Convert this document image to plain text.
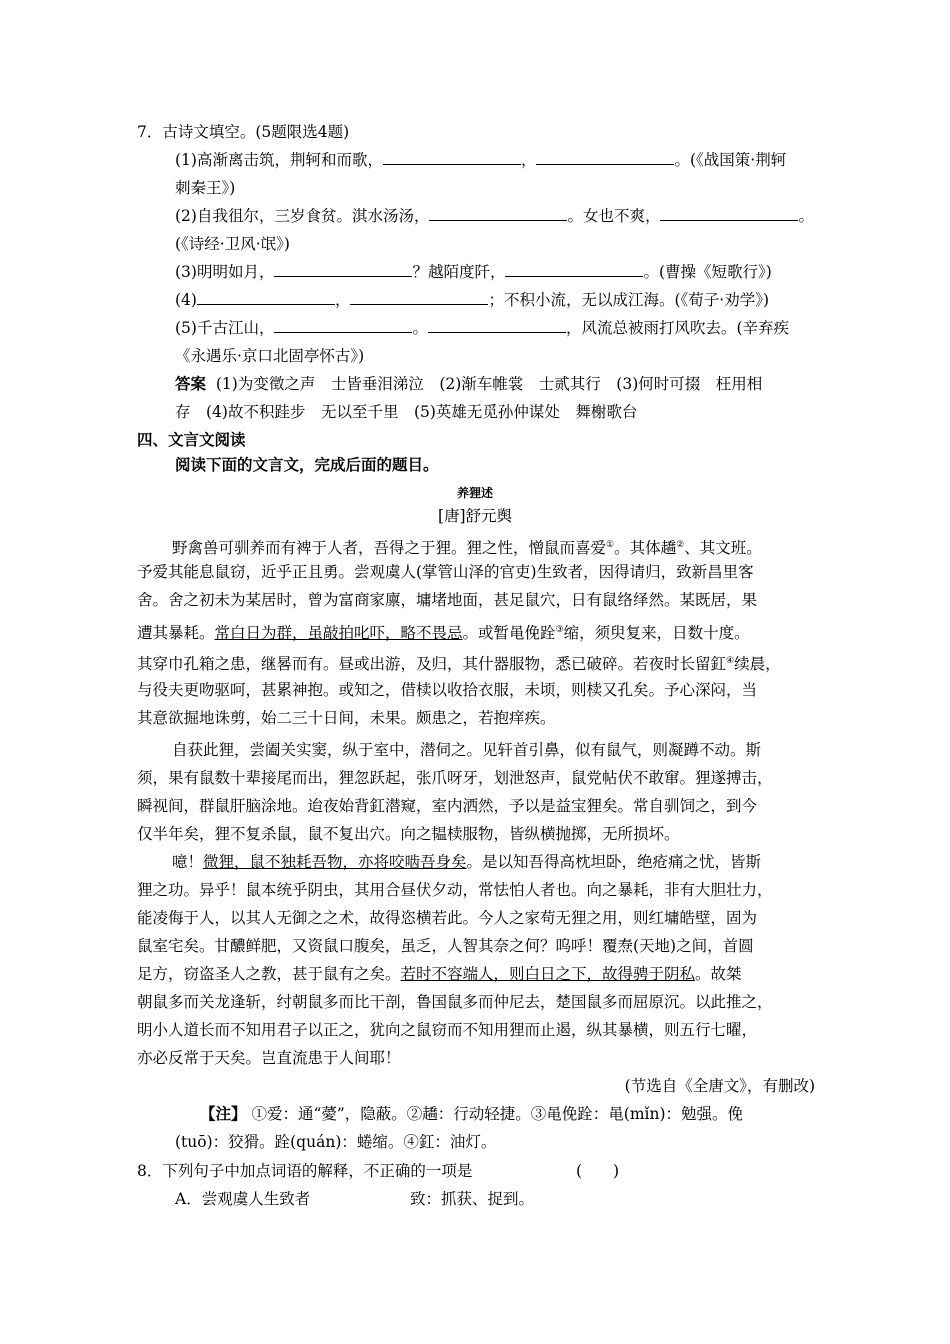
7．古诗文填空。(5题限选4题)
(1)高渐离击筑，荆轲和而歌，	，	。(《战国策·荆轲
刺秦王》)
(2)自我徂尔，三岁食贫。淇水汤汤，	。女也不爽，	。
(《诗经·卫风·氓》)
(3)明明如月，	？越陌度阡，	。(曹操《短歌行》)
(4)	，	；不积小流，无以成江海。(《荀子·劝学》)
(5)千古江山，	。	，风流总被雨打风吹去。(辛弃疾
《永遇乐·京口北固亭怀古》)
答案 (1)为变徵之声　士皆垂泪涕泣　(2)渐车帷裳　士贰其行　(3)何时可掇　枉用相
存　(4)故不积跬步　无以至千里　(5)英雄无觅孙仲谋处　舞榭歌台
四、文言文阅读
阅读下面的文言文，完成后面的题目。
养狸述
[唐]舒元舆
野禽兽可驯养而有裨于人者，吾得之于狸。狸之性，憎鼠而喜爱①。其体趫②、其文班。
予爱其能息鼠窃，近乎正且勇。尝观虞人(掌管山泽的官吏)生致者，因得请归，致新昌里客
舍。舍之初未为某居时，曾为富商家廪，墉堵地面，甚足鼠穴，日有鼠络绎然。某既居，果
遭其暴耗。常白日为群，虽敲拍叱吓，略不畏忌。或暂黾俛跧③缩，须臾复来，日数十度。
其穿巾孔箱之患，继晷而有。昼或出游，及归，其什器服物，悉已破碎。若夜时长留釭④续晨，
与役夫更吻驱呵，甚累神抱。或知之，借椟以收拾衣服，未顷，则椟又孔矣。予心深闷，当
其意欲掘地诛剪，始二三十日间，未果。颇患之，若抱痒疾。
自获此狸，尝阖关实窦，纵于室中，潜伺之。见轩首引鼻，似有鼠气，则凝蹲不动。斯
须，果有鼠数十辈接尾而出，狸忽跃起，张爪呀牙，划泄怒声，鼠党帖伏不敢窜。狸遂搏击，
瞬视间，群鼠肝脑涂地。迨夜始背釭潜窥，室内洒然，予以是益宝狸矣。常自驯饲之，到今
仅半年矣，狸不复杀鼠，鼠不复出穴。向之韫椟服物，皆纵横抛掷，无所损坏。
噫！微狸，鼠不独耗吾物，亦将咬啮吾身矣。是以知吾得高枕坦卧，绝疮痛之忧，皆斯
狸之功。异乎！鼠本统乎阴虫，其用合昼伏夕动，常怯怕人者也。向之暴耗，非有大胆壮力，
能凌侮于人，以其人无御之之术，故得恣横若此。今人之家苟无狸之用，则红墉皓壁，固为
鼠室宅矣。甘醲鲜肥，又资鼠口腹矣，虽乏，人智其奈之何？呜呼！覆焘(天地)之间，首圆
足方，窃盗圣人之教，甚于鼠有之矣。若时不容端人，则白日之下，故得骋于阴私。故桀
朝鼠多而关龙逢斩，纣朝鼠多而比干剖，鲁国鼠多而仲尼去，楚国鼠多而屈原沉。以此推之，
明小人道长而不知用君子以正之，犹向之鼠窃而不知用狸而止遏，纵其暴横，则五行七曜，
亦必反常于天矣。岂直流患于人间耶！
(节选自《全唐文》，有删改)
【注】 ①爱：通“薆”，隐蔽。②趫：行动轻捷。③黾俛跧：黾(mǐn)：勉强。俛
(tuō)：狡猾。跧(quán)：蜷缩。④釭：油灯。
8．下列句子中加点词语的解释，不正确的一项是	(　　)
A．尝观虞人生致者	致：抓获、捉到。
